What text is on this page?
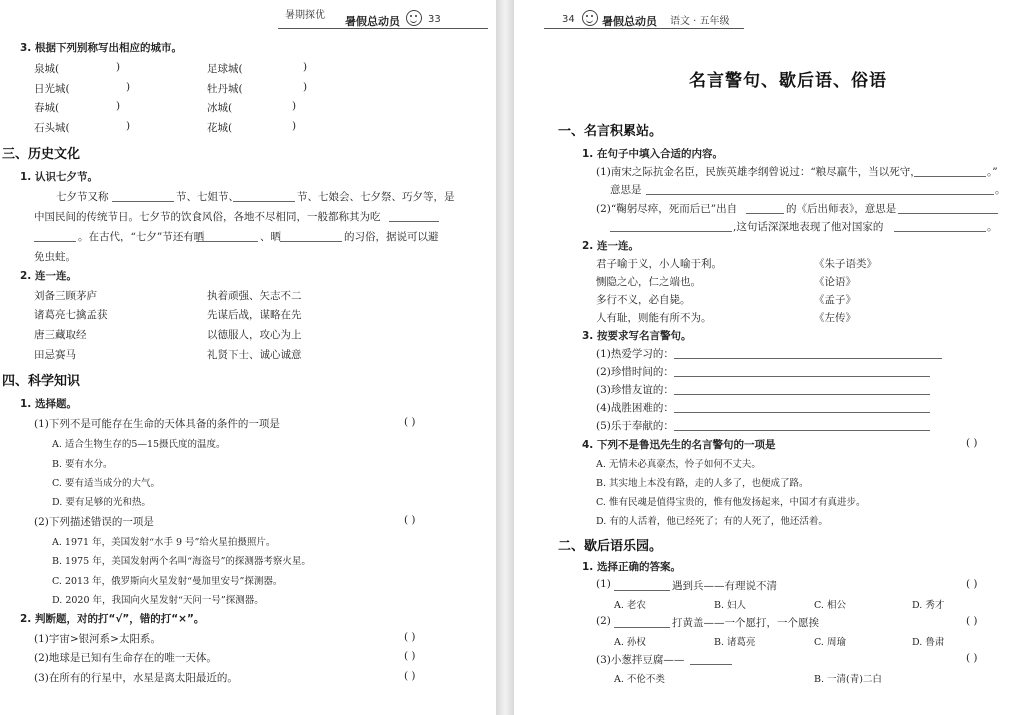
暑期探优 暑假总动员	33
3. 根据下列别称写出相应的城市。
泉城(	)	足球城(	)
日光城(	)	牡丹城(	)
春城(	)	冰城(	)
石头城(	)	花城(	)
三、历史文化
1. 认识七夕节。
七夕节又称	节、七姐节、	节、七娘会、七夕祭、巧夕等，是
中国民间的传统节日。七夕节的饮食风俗，各地不尽相同，一般都称其为吃
。在古代，“七夕”节还有晒	、晒	的习俗，据说可以避
免虫蛀。
2. 连一连。
刘备三顾茅庐	执着顽强、矢志不二
诸葛亮七擒孟获	先谋后战，谋略在先
唐三藏取经	以德服人，攻心为上
田忌赛马	礼贤下士、诚心诚意
四、科学知识
1. 选择题。
(1)下列不是可能存在生命的天体具备的条件的一项是	( )
A. 适合生物生存的5—15摄氏度的温度。
B. 要有水分。
C. 要有适当成分的大气。
D. 要有足够的光和热。
(2)下列描述错误的一项是	( )
A. 1971 年，美国发射“水手 9 号”给火星拍摄照片。
B. 1975 年，美国发射两个名叫“海盗号”的探测器考察火星。
C. 2013 年，俄罗斯向火星发射“曼加里安号”探测器。
D. 2020 年，我国向火星发射“天问一号”探测器。
2. 判断题，对的打“√”，错的打“×”。
(1)宇宙>银河系>太阳系。	( )
(2)地球是已知有生命存在的唯一天体。	( )
(3)在所有的行星中，水星是离太阳最近的。	( )
34 暑假总动员 语文 · 五年级
名言警句、歇后语、俗语
一、名言积累站。
1. 在句子中填入合适的内容。
(1)南宋之际抗金名臣，民族英雄李纲曾说过：“粮尽羸牛，当以死守，	。”
意思是	。
(2)“鞠躬尽瘁，死而后已”出自	的《后出师表》，意思是
,这句话深深地表现了他对国家的	。
2. 连一连。
君子喻于义，小人喻于利。	《朱子语类》
恻隐之心，仁之端也。	《论语》
多行不义，必自毙。	《孟子》
人有耻，则能有所不为。	《左传》
3. 按要求写名言警句。
(1)热爱学习的：
(2)珍惜时间的：
(3)珍惜友谊的：
(4)战胜困难的：
(5)乐于奉献的：
4. 下列不是鲁迅先生的名言警句的一项是	( )
A. 无情未必真豪杰，怜子如何不丈夫。
B. 其实地上本没有路，走的人多了，也便成了路。
C. 惟有民魂是值得宝贵的，惟有他发扬起来，中国才有真进步。
D. 有的人活着，他已经死了；有的人死了，他还活着。
二、歇后语乐园。
1. 选择正确的答案。
(1)	遇到兵——有理说不清	( )
A. 老农	B. 妇人	C. 相公	D. 秀才
(2)	打黄盖——一个愿打，一个愿挨	( )
A. 孙权	B. 诸葛亮	C. 周瑜	D. 鲁肃
(3)小葱拌豆腐——	( )
A. 不伦不类	B. 一清(青)二白
